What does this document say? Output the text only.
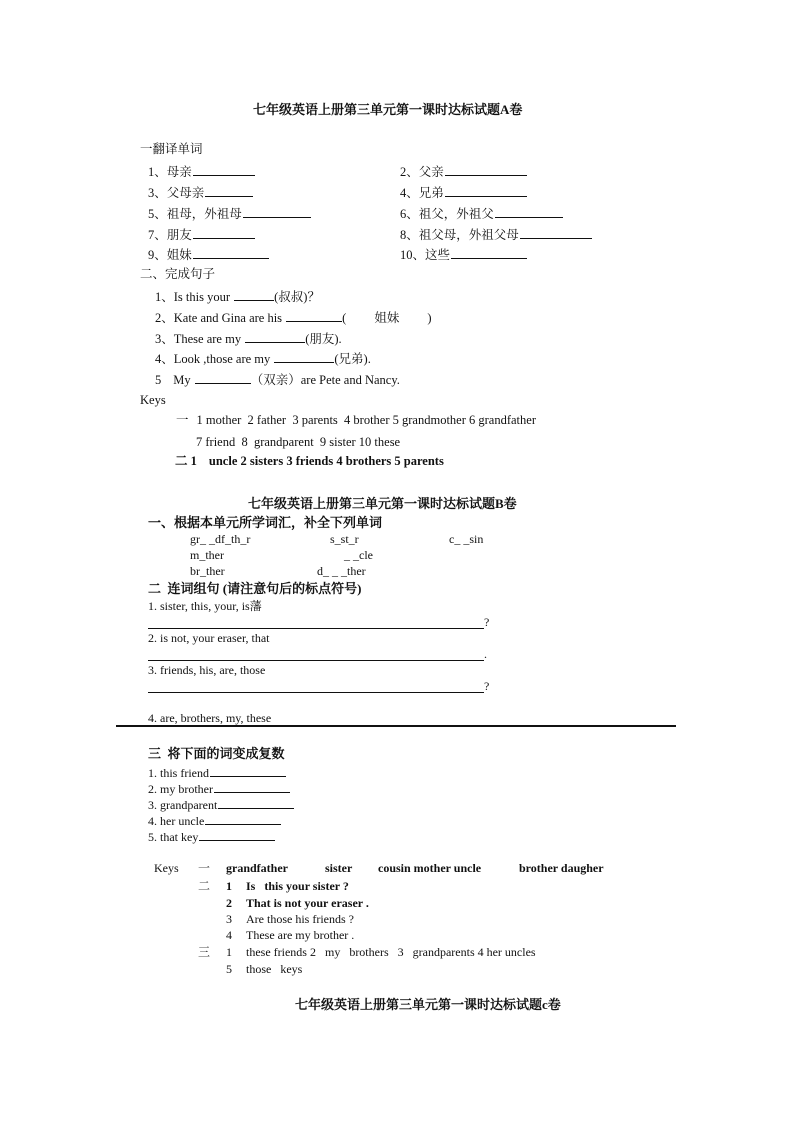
七年级英语上册第三单元第一课时达标试题A卷
一翻译单词
1、母亲	2、父亲
3、父母亲	4、兄弟
5、祖母，外祖母	6、祖父，外祖父
7、朋友	8、祖父母，外祖父母
9、姐妹	10、这些
二、完成句子
1、Is this your	(叔叔)？
2、Kate and Gina are his	( 姐妹 )
3、These are my	(朋友).
4、Look ,those are my	(兄弟).
5 My	（双亲）are Pete and Nancy.
Keys
一 1 mother  2 father  3 parents  4 brother 5 grandmother 6 grandfather
7 friend  8  grandparent  9 sister 10 these
二 1 uncle 2 sisters 3 friends 4 brothers 5 parents
七年级英语上册第三单元第一课时达标试题B卷
一、根据本单元所学词汇，补全下列单词
gr_ _df_th_r	s_st_r	c_ _sin
m_ther	_ _cle
br_ther	d_ _ _ther
二  连词组句 (请注意句后的标点符号)
1. sister, this, your, is藩
?
2. is not, your eraser, that
.
3. friends, his, are, those
?
4. are, brothers, my, these
三  将下面的词变成复数
1. this friend
2. my brother
3. grandparent
4. her uncle
5. that key
Keys 一 grandfather	sister cousin mother uncle	brother daugher
二 1 Is   this your sister ?
2 That is not your eraser .
3 Are those his friends ?
4 These are my brother .
三 1 these friends 2   my   brothers   3   grandparents 4 her uncles
5 those   keys
七年级英语上册第三单元第一课时达标试题c卷
